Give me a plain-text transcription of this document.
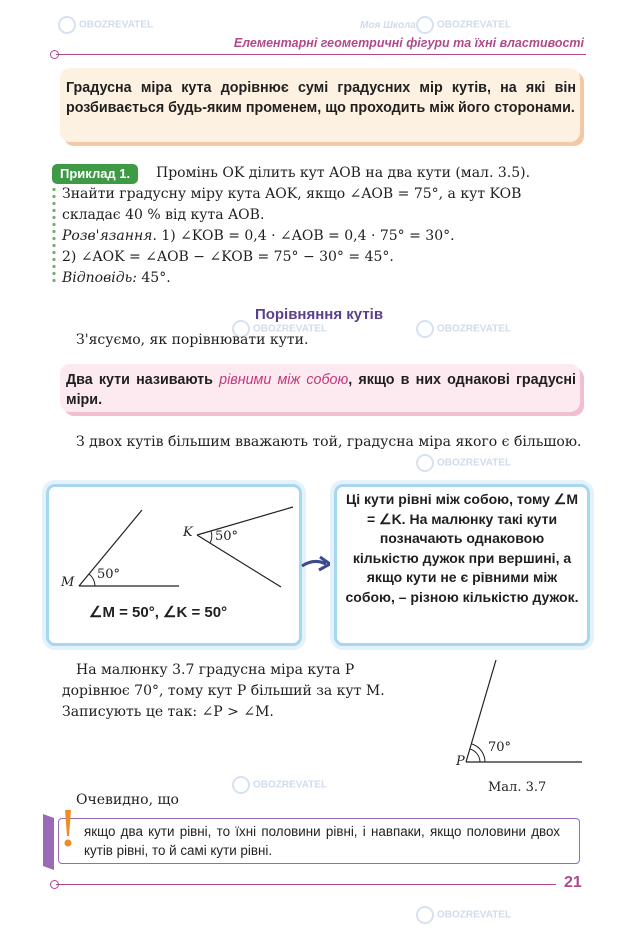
OBOZREVATEL	Моя Школа	OBOZREVATEL
OBOZREVATEL	OBOZREVATEL
OBOZREVATEL
OBOZREVATEL
OBOZREVATEL
Елементарні геометричні фігури та їхні властивості
Градусна міра кута дорівнює сумі градусних мір кутів, на які він розбивається будь-яким променем, що проходить між його сторонами.
Приклад 1.	Промінь OK ділить кут AOB на два кути (мал. 3.5).
Знайти градусну міру кута AOK, якщо ∠AOB = 75°, а кут KOB
складає 40 % від кута AOB.
Розв'язання. 1) ∠KOB = 0,4 · ∠AOB = 0,4 · 75° = 30°.
2) ∠AOK = ∠AOB − ∠KOB = 75° − 30° = 45°.
Відповідь: 45°.
Порівняння кутів
З'ясуємо, як порівнювати кути.
Два кути називають рівними між собою, якщо в них однакові градусні міри.
З двох кутів більшим вважають той, градусна міра якого є більшою.
M
50°
K 50°
∠M = 50°, ∠K = 50°
Ці кути рівні між собою, тому ∠M = ∠K. На малюнку такі кути позначають однаковою кількістю дужок при вершині, а якщо кути не є рівними між собою, – різною кількістю дужок.
На малюнку 3.7 градусна міра кута P
дорівнює 70°, тому кут P більший за кут M.
Записують це так: ∠P > ∠M.
P
70°
Мал. 3.7
Очевидно, що
якщо два кути рівні, то їхні половини рівні, і навпаки, якщо половини двох кутів рівні, то й самі кути рівні.
21
